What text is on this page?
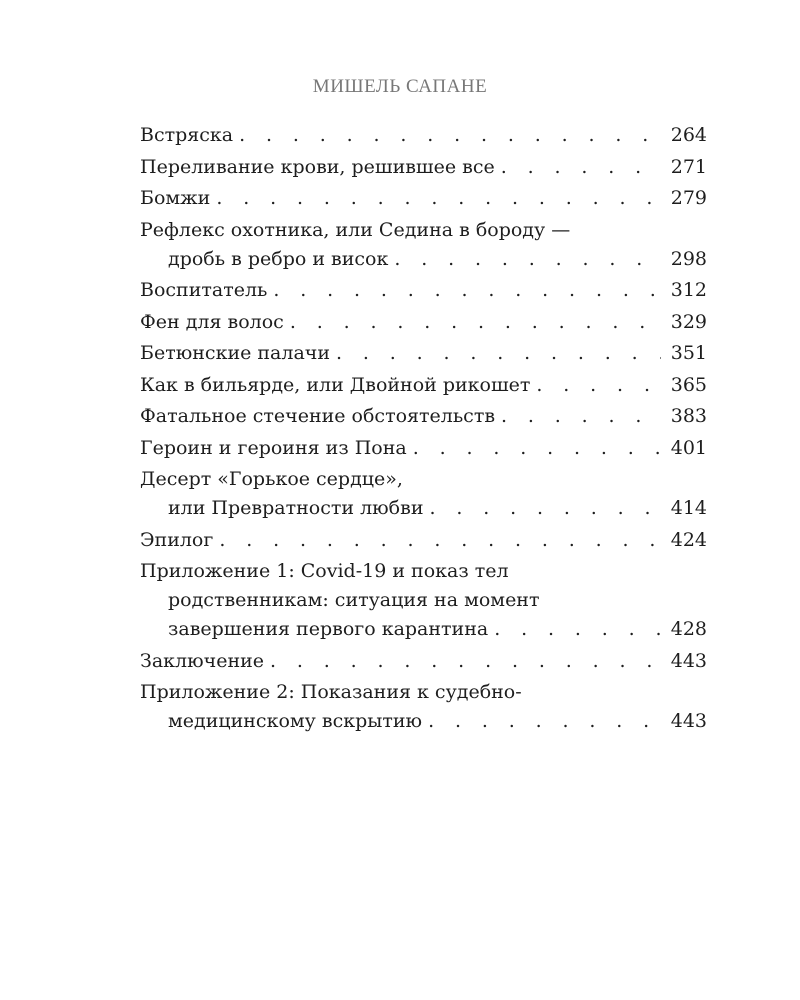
МИШЕЛЬ САПАНЕ
Встряска . . .	264
Переливание крови, решившее все . . .	271
Бомжи . . .	279
Рефлекс охотника, или Седина в бороду —
дробь в ребро и висок . . .	298
Воспитатель . . .	312
Фен для волос . . .	329
Бетюнские палачи . . .	351
Как в бильярде, или Двойной рикошет . . .	365
Фатальное стечение обстоятельств . . .	383
Героин и героиня из Пона . . .	401
Десерт «Горькое сердце»,
или Превратности любви . . .	414
Эпилог . . .	424
Приложение 1: Covid-19 и показ тел
родственникам: ситуация на момент
завершения первого карантина . . .	428
Заключение . . .	443
Приложение 2: Показания к судебно-
медицинскому вскрытию . . .	443
